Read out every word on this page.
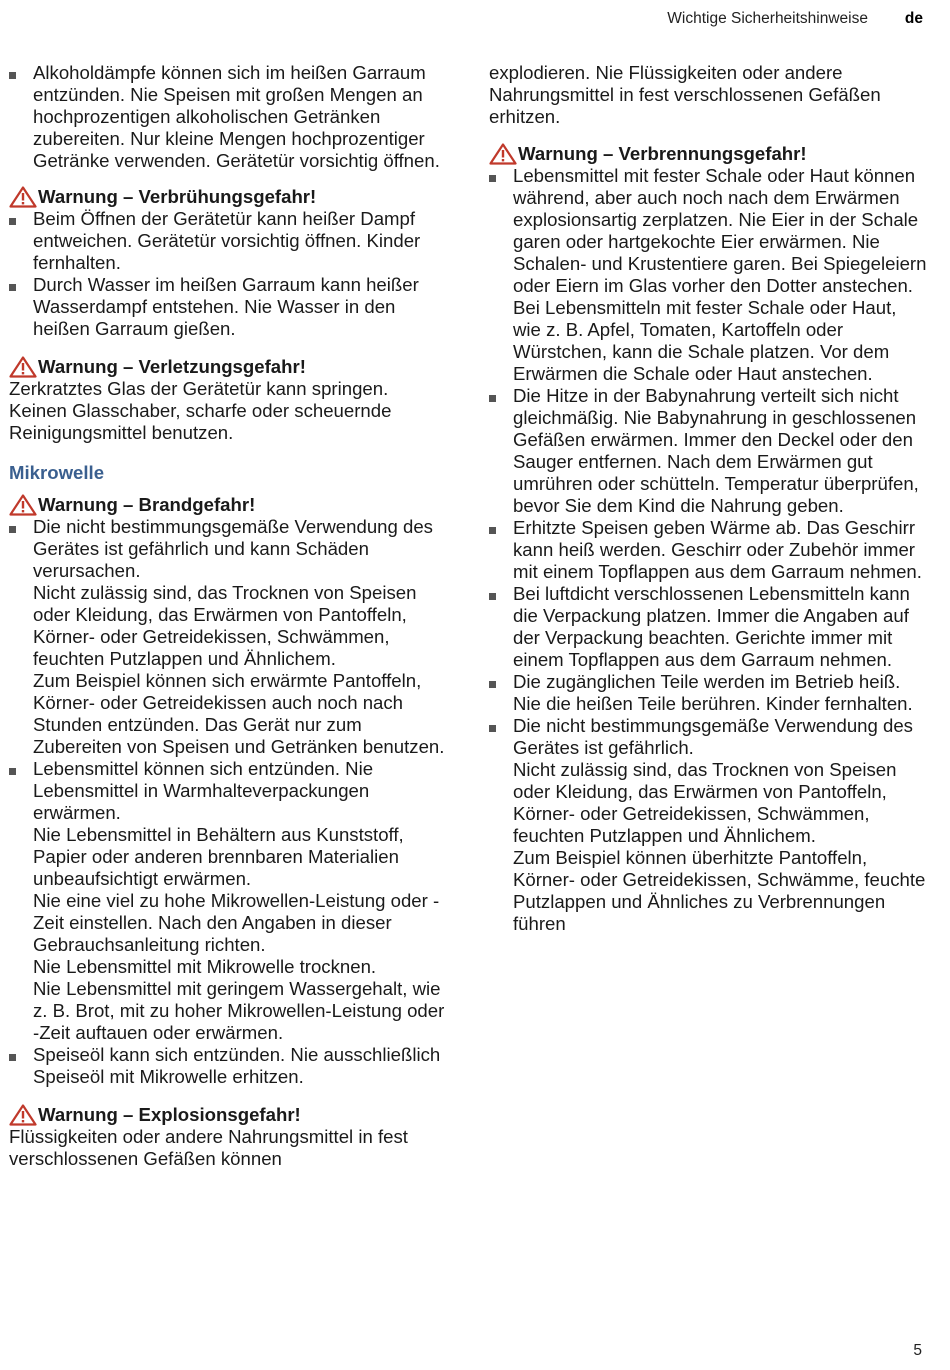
Wichtige Sicherheitshinweise de

Alkoholdämpfe können sich im heißen Garraum entzünden. Nie Speisen mit großen Mengen an hochprozentigen alkoholischen Getränken zubereiten. Nur kleine Mengen hochprozentiger Getränke verwenden. Gerätetür vorsichtig öffnen.

Warnung – Verbrühungsgefahr!

Beim Öffnen der Gerätetür kann heißer Dampf entweichen. Gerätetür vorsichtig öffnen. Kinder fernhalten.

Durch Wasser im heißen Garraum kann heißer Wasserdampf entstehen. Nie Wasser in den heißen Garraum gießen.

Warnung – Verletzungsgefahr!

Zerkratztes Glas der Gerätetür kann springen. Keinen Glasschaber, scharfe oder scheuernde Reinigungsmittel benutzen.

Mikrowelle
Warnung – Brandgefahr!

Die nicht bestimmungsgemäße Verwendung des Gerätes ist gefährlich und kann Schäden verursachen.

Nicht zulässig sind, das Trocknen von Speisen oder Kleidung, das Erwärmen von Pantoffeln, Körner- oder Getreidekissen, Schwämmen, feuchten Putzlappen und Ähnlichem.

Zum Beispiel können sich erwärmte Pantoffeln, Körner- oder Getreidekissen auch noch nach Stunden entzünden. Das Gerät nur zum Zubereiten von Speisen und Getränken benutzen.

Lebensmittel können sich entzünden. Nie Lebensmittel in Warmhalteverpackungen erwärmen.

Nie Lebensmittel in Behältern aus Kunststoff, Papier oder anderen brennbaren Materialien unbeaufsichtigt erwärmen.

Nie eine viel zu hohe Mikrowellen-Leistung oder -Zeit einstellen. Nach den Angaben in dieser Gebrauchsanleitung richten.

Nie Lebensmittel mit Mikrowelle trocknen.

Nie Lebensmittel mit geringem Wassergehalt, wie z. B. Brot, mit zu hoher Mikrowellen-Leistung oder -Zeit auftauen oder erwärmen.

Speiseöl kann sich entzünden. Nie ausschließlich Speiseöl mit Mikrowelle erhitzen.

Warnung – Explosionsgefahr!

Flüssigkeiten oder andere Nahrungsmittel in fest verschlossenen Gefäßen können

explodieren. Nie Flüssigkeiten oder andere Nahrungsmittel in fest verschlossenen Gefäßen erhitzen.

Warnung – Verbrennungsgefahr!

Lebensmittel mit fester Schale oder Haut können während, aber auch noch nach dem Erwärmen explosionsartig zerplatzen. Nie Eier in der Schale garen oder hartgekochte Eier erwärmen. Nie Schalen- und Krustentiere garen. Bei Spiegeleiern oder Eiern im Glas vorher den Dotter anstechen. Bei Lebensmitteln mit fester Schale oder Haut, wie z. B. Apfel, Tomaten, Kartoffeln oder Würstchen, kann die Schale platzen. Vor dem Erwärmen die Schale oder Haut anstechen.

Die Hitze in der Babynahrung verteilt sich nicht gleichmäßig. Nie Babynahrung in geschlossenen Gefäßen erwärmen. Immer den Deckel oder den Sauger entfernen. Nach dem Erwärmen gut umrühren oder schütteln. Temperatur überprüfen, bevor Sie dem Kind die Nahrung geben.

Erhitzte Speisen geben Wärme ab. Das Geschirr kann heiß werden. Geschirr oder Zubehör immer mit einem Topflappen aus dem Garraum nehmen.

Bei luftdicht verschlossenen Lebensmitteln kann die Verpackung platzen. Immer die Angaben auf der Verpackung beachten. Gerichte immer mit einem Topflappen aus dem Garraum nehmen.

Die zugänglichen Teile werden im Betrieb heiß. Nie die heißen Teile berühren. Kinder fernhalten.

Die nicht bestimmungsgemäße Verwendung des Gerätes ist gefährlich.

Nicht zulässig sind, das Trocknen von Speisen oder Kleidung, das Erwärmen von Pantoffeln, Körner- oder Getreidekissen, Schwämmen, feuchten Putzlappen und Ähnlichem.

Zum Beispiel können überhitzte Pantoffeln, Körner- oder Getreidekissen, Schwämme, feuchte Putzlappen und Ähnliches zu Verbrennungen führen

5
